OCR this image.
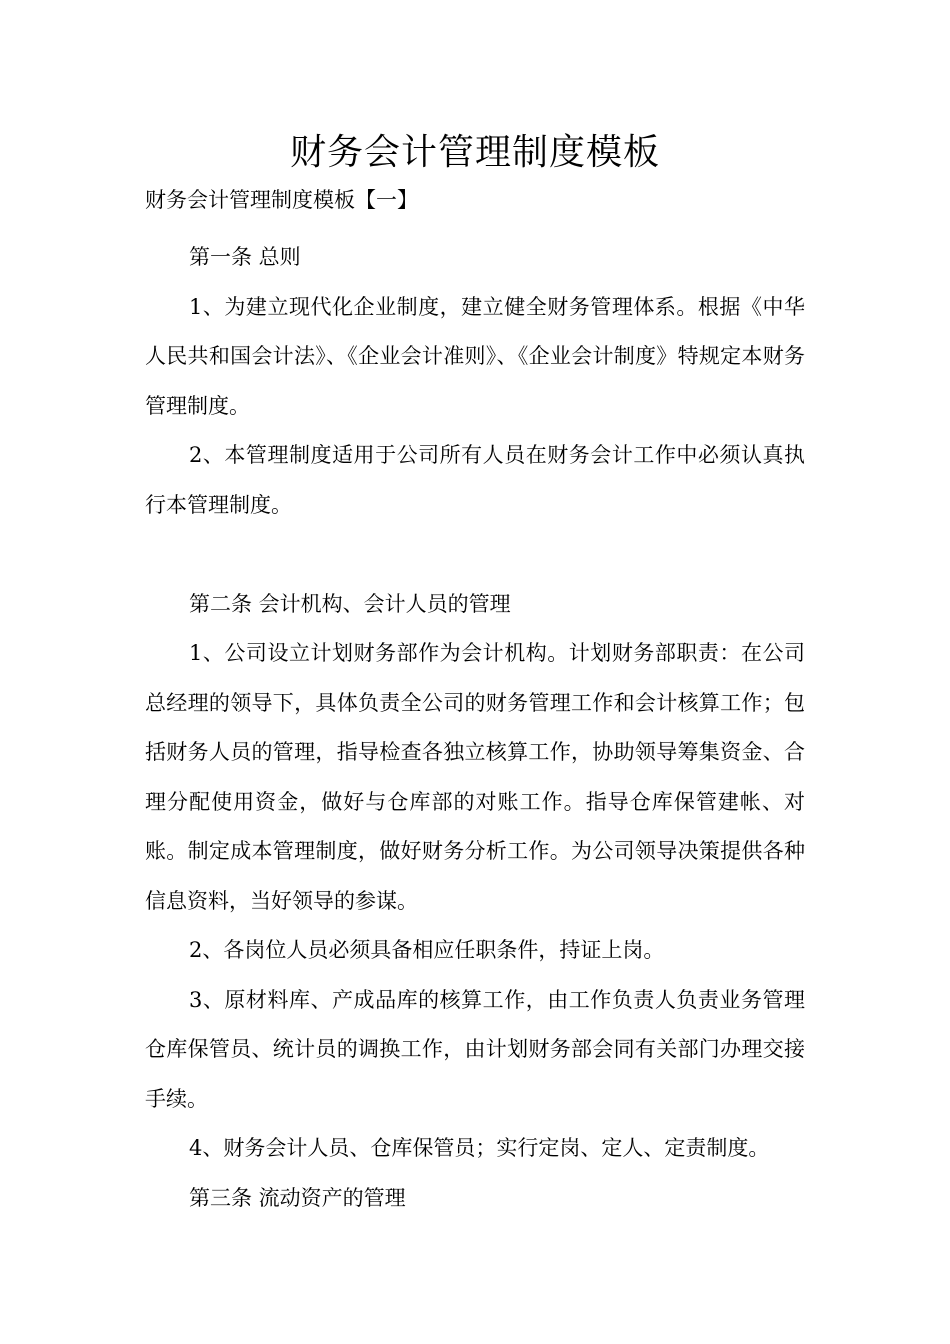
财务会计管理制度模板

财务会计管理制度模板【一】

第一条 总则

1、为建立现代化企业制度，建立健全财务管理体系。根据《中华人民共和国会计法》、《企业会计准则》、《企业会计制度》特规定本财务管理制度。

2、本管理制度适用于公司所有人员在财务会计工作中必须认真执行本管理制度。

第二条 会计机构、会计人员的管理

1、公司设立计划财务部作为会计机构。计划财务部职责：在公司总经理的领导下，具体负责全公司的财务管理工作和会计核算工作；包括财务人员的管理，指导检查各独立核算工作，协助领导筹集资金、合理分配使用资金，做好与仓库部的对账工作。指导仓库保管建帐、对账。制定成本管理制度，做好财务分析工作。为公司领导决策提供各种信息资料，当好领导的参谋。

2、各岗位人员必须具备相应任职条件，持证上岗。

3、原材料库、产成品库的核算工作，由工作负责人负责业务管理仓库保管员、统计员的调换工作，由计划财务部会同有关部门办理交接手续。

4、财务会计人员、仓库保管员；实行定岗、定人、定责制度。

第三条 流动资产的管理
